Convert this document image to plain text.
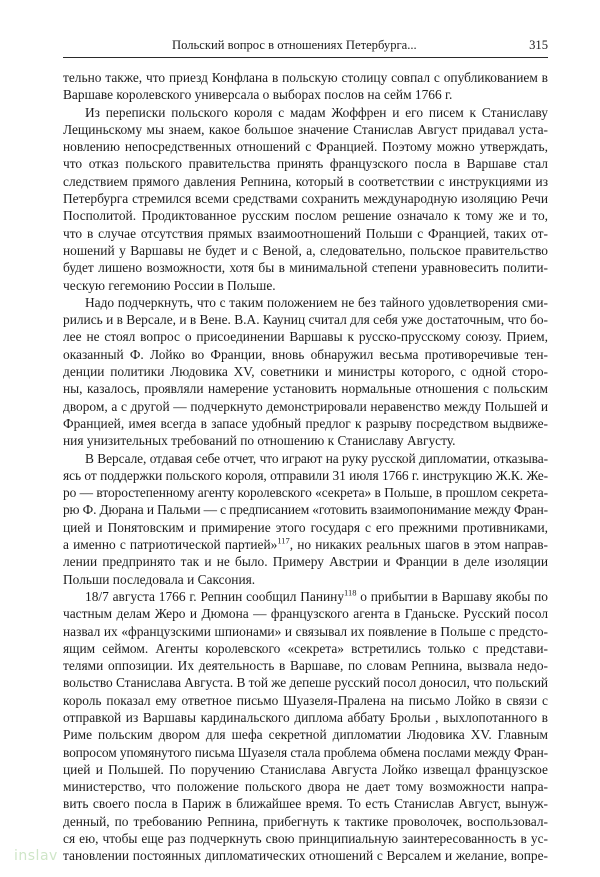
Польский вопрос в отношениях Петербурга...	315
тельно также, что приезд Конфлана в польскую столицу совпал с опубликованием в
Варшаве королевского универсала о выборах послов на сейм 1766 г.
Из переписки польского короля с мадам Жоффрен и его писем к Станиславу
Лещиньскому мы знаем, какое большое значение Станислав Август придавал уста-
новлению непосредственных отношений с Францией. Поэтому можно утверждать,
что отказ польского правительства принять французского посла в Варшаве стал
следствием прямого давления Репнина, который в соответствии с инструкциями из
Петербурга стремился всеми средствами сохранить международную изоляцию Речи
Посполитой. Продиктованное русским послом решение означало к тому же и то,
что в случае отсутствия прямых взаимоотношений Польши с Францией, таких от-
ношений у Варшавы не будет и с Веной, а, следовательно, польское правительство
будет лишено возможности, хотя бы в минимальной степени уравновесить полити-
ческую гегемонию России в Польше.
Надо подчеркнуть, что с таким положением не без тайного удовлетворения сми-
рились и в Версале, и в Вене. В.А. Кауниц считал для себя уже достаточным, что бо-
лее не стоял вопрос о присоединении Варшавы к русско-прусскому союзу. Прием,
оказанный Ф. Лойко во Франции, вновь обнаружил весьма противоречивые тен-
денции политики Людовика XV, советники и министры которого, с одной сторо-
ны, казалось, проявляли намерение установить нормальные отношения с польским
двором, а с другой — подчеркнуто демонстрировали неравенство между Польшей и
Францией, имея всегда в запасе удобный предлог к разрыву посредством выдвиже-
ния унизительных требований по отношению к Станиславу Августу.
В Версале, отдавая себе отчет, что играют на руку русской дипломатии, отказыва-
ясь от поддержки польского короля, отправили 31 июля 1766 г. инструкцию Ж.К. Же-
ро — второстепенному агенту королевского «секрета» в Польше, в прошлом секрета-
рю Ф. Дюрана и Пальми — с предписанием «готовить взаимопонимание между Фран-
цией и Понятовским и примирение этого государя с его прежними противниками,
а именно с патриотической партией»$^{117}$, но никаких реальных шагов в этом направ-
лении предпринято так и не было. Примеру Австрии и Франции в деле изоляции
Польши последовала и Саксония.
18/7 августа 1766 г. Репнин сообщил Панину$^{118}$ о прибытии в Варшаву якобы по
частным делам Жеро и Дюмона — французского агента в Гданьске. Русский посол
назвал их «французскими шпионами» и связывал их появление в Польше с предсто-
ящим сеймом. Агенты королевского «секрета» встретились только с представи-
телями оппозиции. Их деятельность в Варшаве, по словам Репнина, вызвала недо-
вольство Станислава Августа. В той же депеше русский посол доносил, что польский
король показал ему ответное письмо Шуазеля-Пралена на письмо Лойко в связи с
отправкой из Варшавы кардинальского диплома аббату Брольи , выхлопотанного в
Риме польским двором для шефа секретной дипломатии Людовика XV. Главным
вопросом упомянутого письма Шуазеля стала проблема обмена послами между Фран-
цией и Польшей. По поручению Станислава Августа Лойко извещал французское
министерство, что положение польского двора не дает тому возможности напра-
вить своего посла в Париж в ближайшее время. То есть Станислав Август, вынуж-
денный, по требованию Репнина, прибегнуть к тактике проволочек, воспользовал-
ся ею, чтобы еще раз подчеркнуть свою принципиальную заинтересованность в ус-
тановлении постоянных дипломатических отношений с Версалем и желание, вопре-
inslav
